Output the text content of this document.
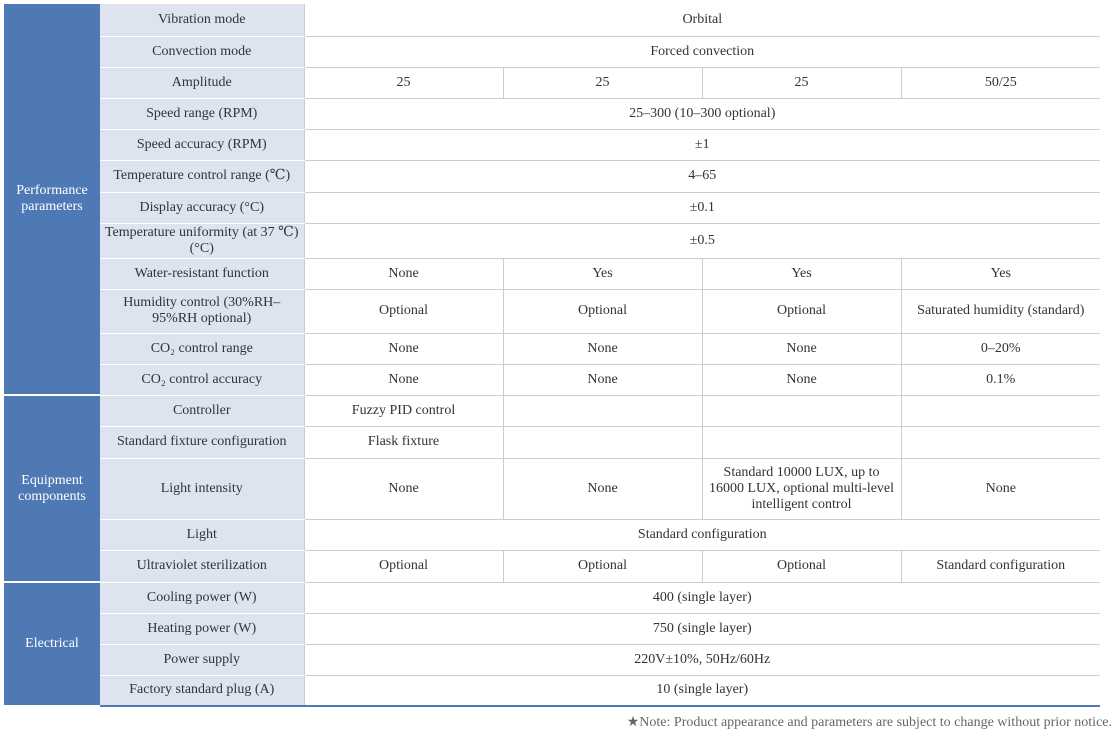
Performance parameters	Vibration mode	Orbital			
	Convection mode	Forced convection			
	Amplitude	25	25	25	50/25
	Speed range (RPM)	25–300 (10–300 optional)			
	Speed accuracy (RPM)	±1			
	Temperature control range (℃)	4–65			
	Display accuracy (°C)	±0.1			
	Temperature uniformity (at 37 ℃) (°C)	±0.5			
	Water-resistant function	None	Yes	Yes	Yes
	Humidity control (30%RH–95%RH optional)	Optional	Optional	Optional	Saturated humidity (standard)
	CO₂ control range	None	None	None	0–20%
	CO₂ control accuracy	None	None	None	0.1%
Equipment components	Controller	Fuzzy PID control			
	Standard fixture configuration	Flask fixture			
	Light intensity	None	None	Standard 10000 LUX, up to 16000 LUX, optional multi-level intelligent control	None
	Light	Standard configuration			
	Ultraviolet sterilization	Optional	Optional	Optional	Standard configuration
Electrical	Cooling power (W)	400 (single layer)			
	Heating power (W)	750 (single layer)			
	Power supply	220V±10%, 50Hz/60Hz			
	Factory standard plug (A)	10 (single layer)			
★Note: Product appearance and parameters are subject to change without prior notice.
